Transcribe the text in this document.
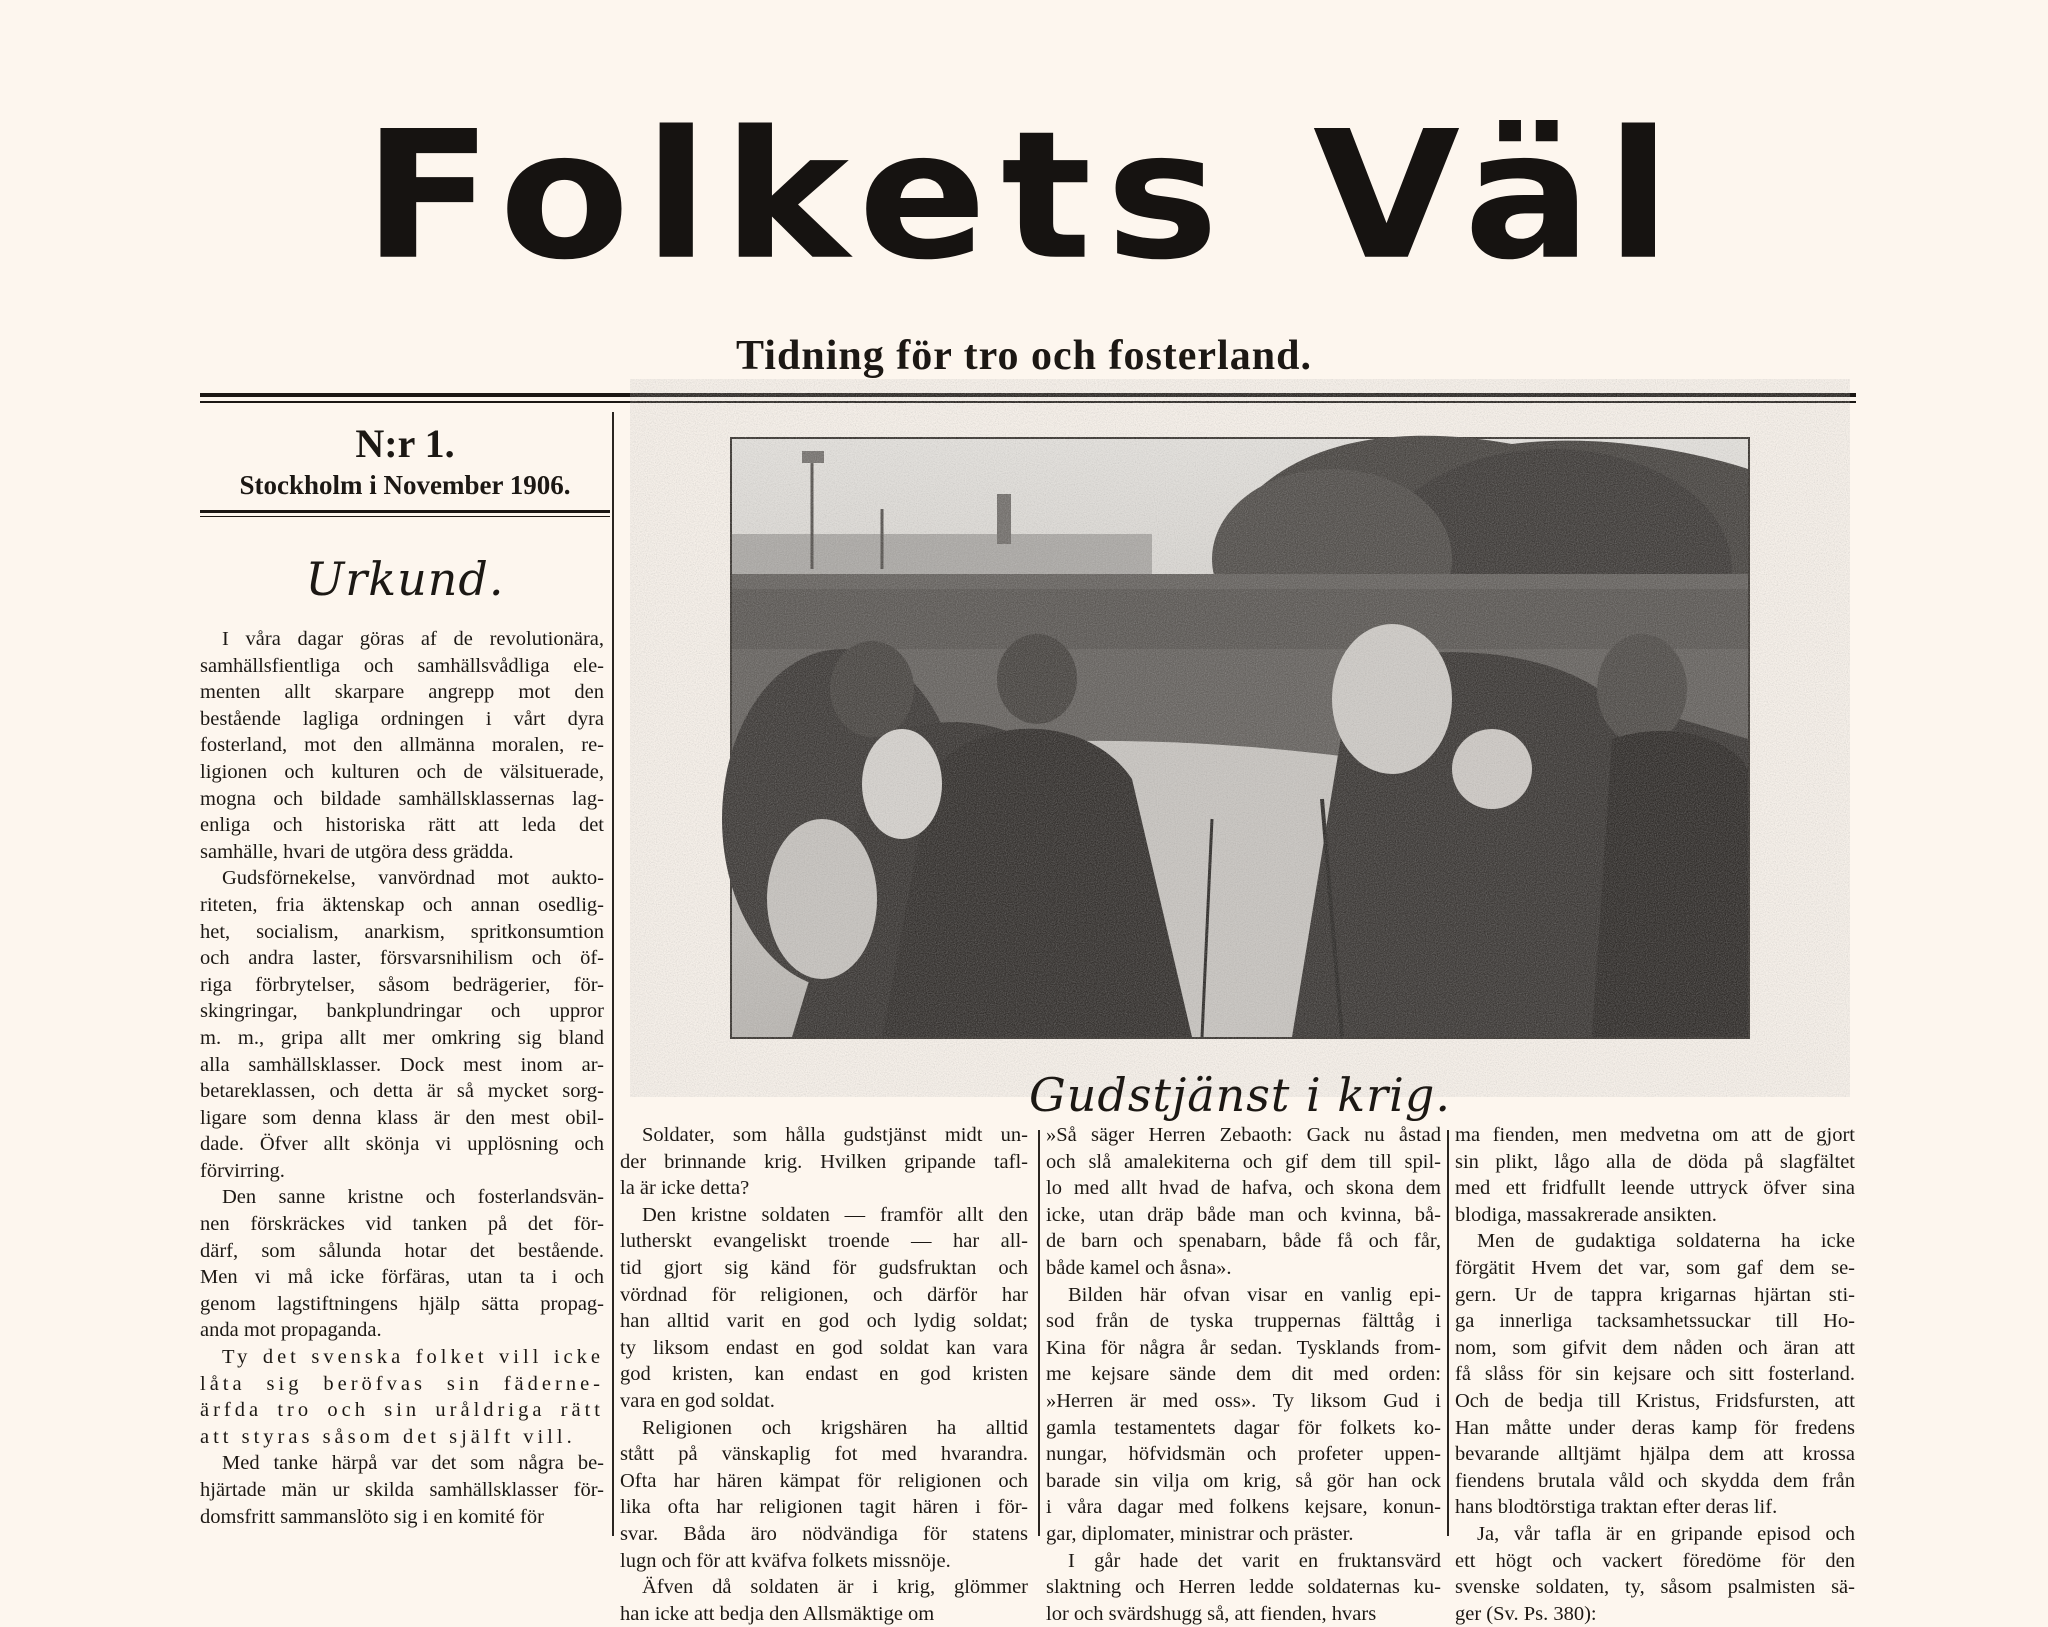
Folkets Väl
Tidning för tro och fosterland.
N:r 1.
Stockholm i November 1906.
Urkund.
I våra dagar göras af de revolutionära,
samhällsfientliga och samhällsvådliga ele-
menten allt skarpare angrepp mot den
bestående lagliga ordningen i vårt dyra
fosterland, mot den allmänna moralen, re-
ligionen och kulturen och de välsituerade,
mogna och bildade samhällsklassernas lag-
enliga och historiska rätt att leda det
samhälle, hvari de utgöra dess grädda.
Gudsförnekelse, vanvördnad mot aukto-
riteten, fria äktenskap och annan osedlig-
het, socialism, anarkism, spritkonsumtion
och andra laster, försvarsnihilism och öf-
riga förbrytelser, såsom bedrägerier, för-
skingringar, bankplundringar och uppror
m. m., gripa allt mer omkring sig bland
alla samhällsklasser. Dock mest inom ar-
betareklassen, och detta är så mycket sorg-
ligare som denna klass är den mest obil-
dade. Öfver allt skönja vi upplösning och
förvirring.
Den sanne kristne och fosterlandsvän-
nen förskräckes vid tanken på det för-
därf, som sålunda hotar det bestående.
Men vi må icke förfäras, utan ta i och
genom lagstiftningens hjälp sätta propag-
anda mot propaganda.
Ty det svenska folket vill icke
låta sig beröfvas sin fäderne-
ärfda tro och sin uråldriga rätt
att styras såsom det själft vill.
Med tanke härpå var det som några be-
hjärtade män ur skilda samhällsklasser för-
domsfritt sammanslöto sig i en komité för
Gudstjänst i krig.
Soldater, som hålla gudstjänst midt un-
der brinnande krig. Hvilken gripande tafl-
la är icke detta?
Den kristne soldaten — framför allt den
lutherskt evangeliskt troende — har all-
tid gjort sig känd för gudsfruktan och
vördnad för religionen, och därför har
han alltid varit en god och lydig soldat;
ty liksom endast en god soldat kan vara
god kristen, kan endast en god kristen
vara en god soldat.
Religionen och krigshären ha alltid
stått på vänskaplig fot med hvarandra.
Ofta har hären kämpat för religionen och
lika ofta har religionen tagit hären i för-
svar. Båda äro nödvändiga för statens
lugn och för att kväfva folkets missnöje.
Äfven då soldaten är i krig, glömmer
han icke att bedja den Allsmäktige om
»Så säger Herren Zebaoth: Gack nu åstad
och slå amalekiterna och gif dem till spil-
lo med allt hvad de hafva, och skona dem
icke, utan dräp både man och kvinna, bå-
de barn och spenabarn, både få och får,
både kamel och åsna».
Bilden här ofvan visar en vanlig epi-
sod från de tyska truppernas fälttåg i
Kina för några år sedan. Tysklands from-
me kejsare sände dem dit med orden:
»Herren är med oss». Ty liksom Gud i
gamla testamentets dagar för folkets ko-
nungar, höfvidsmän och profeter uppen-
barade sin vilja om krig, så gör han ock
i våra dagar med folkens kejsare, konun-
gar, diplomater, ministrar och präster.
I går hade det varit en fruktansvärd
slaktning och Herren ledde soldaternas ku-
lor och svärdshugg så, att fienden, hvars
ma fienden, men medvetna om att de gjort
sin plikt, lågo alla de döda på slagfältet
med ett fridfullt leende uttryck öfver sina
blodiga, massakrerade ansikten.
Men de gudaktiga soldaterna ha icke
förgätit Hvem det var, som gaf dem se-
gern. Ur de tappra krigarnas hjärtan sti-
ga innerliga tacksamhetssuckar till Ho-
nom, som gifvit dem nåden och äran att
få slåss för sin kejsare och sitt fosterland.
Och de bedja till Kristus, Fridsfursten, att
Han måtte under deras kamp för fredens
bevarande alltjämt hjälpa dem att krossa
fiendens brutala våld och skydda dem från
hans blodtörstiga traktan efter deras lif.
Ja, vår tafla är en gripande episod och
ett högt och vackert föredöme för den
svenske soldaten, ty, såsom psalmisten sä-
ger (Sv. Ps. 380):
